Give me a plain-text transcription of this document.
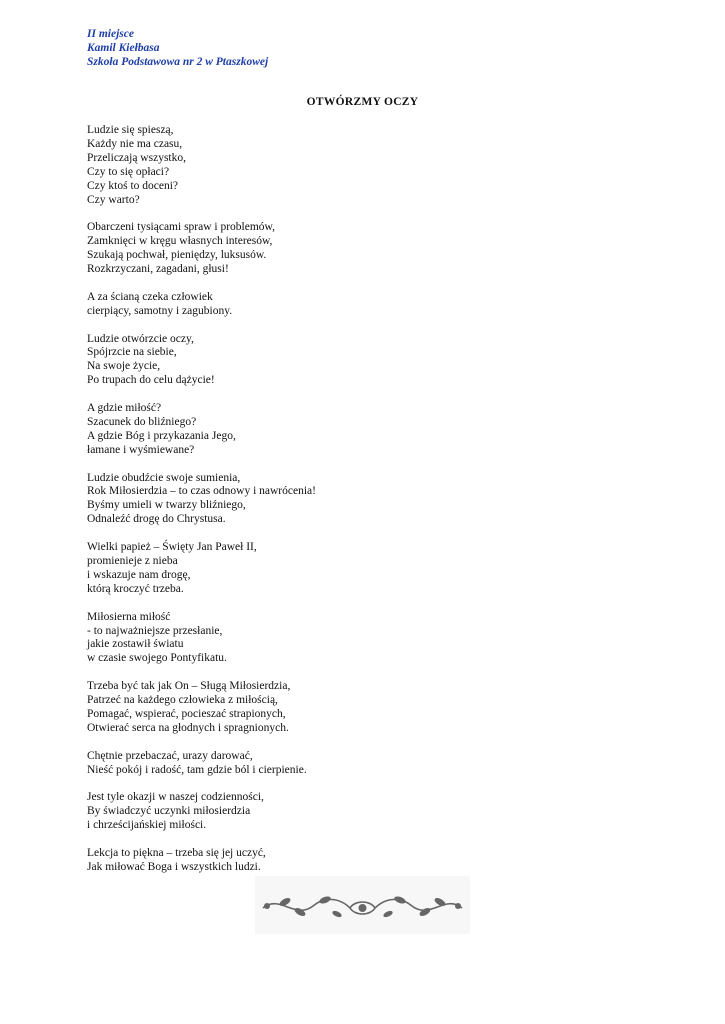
II miejsce
Kamil Kiełbasa
Szkoła Podstawowa nr 2 w Ptaszkowej
OTWÓRZMY OCZY
Ludzie się spieszą,
Każdy nie ma czasu,
Przeliczają wszystko,
Czy to się opłaci?
Czy ktoś to doceni?
Czy warto?
Obarczeni tysiącami spraw i problemów,
Zamknięci w kręgu własnych interesów,
Szukają pochwał, pieniędzy, luksusów.
Rozkrzyczani, zagadani, głusi!
A za ścianą czeka człowiek
cierpiący, samotny i zagubiony.
Ludzie otwórzcie oczy,
Spójrzcie na siebie,
Na swoje życie,
Po trupach do celu dążycie!
A gdzie miłość?
Szacunek do bliźniego?
A gdzie Bóg i przykazania Jego,
łamane i wyśmiewane?
Ludzie obudźcie swoje sumienia,
Rok Miłosierdzia – to czas odnowy i nawrócenia!
Byśmy umieli w twarzy bliźniego,
Odnaleźć drogę do Chrystusa.
Wielki papież – Święty Jan Paweł II,
promienieje z nieba
i wskazuje nam drogę,
którą kroczyć trzeba.
Miłosierna miłość
- to najważniejsze przesłanie,
jakie zostawił światu
w czasie swojego Pontyfikatu.
Trzeba być tak jak On – Sługą Miłosierdzia,
Patrzeć na każdego człowieka z miłością,
Pomagać, wspierać, pocieszać strapionych,
Otwierać serca na głodnych i spragnionych.
Chętnie przebaczać, urazy darować,
Nieść pokój i radość, tam gdzie ból i cierpienie.
Jest tyle okazji w naszej codzienności,
By świadczyć uczynki miłosierdzia
i chrześcijańskiej miłości.
Lekcja to piękna – trzeba się jej uczyć,
Jak miłować Boga i wszystkich ludzi.
